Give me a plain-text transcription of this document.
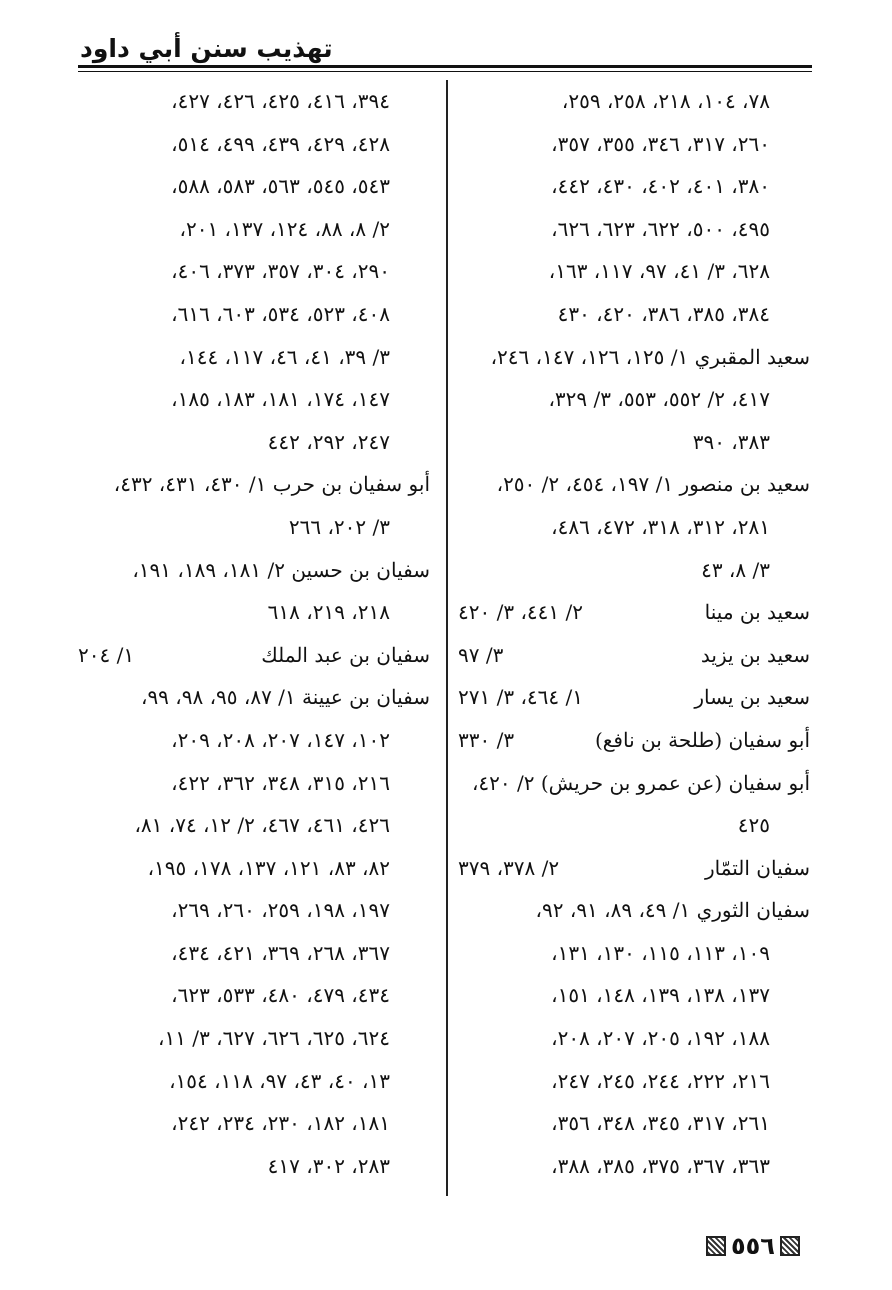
تهذيب سنن أبي داود
٧٨، ١٠٤، ٢١٨، ٢٥٨، ٢٥٩،
٢٦٠، ٣١٧، ٣٤٦، ٣٥٥، ٣٥٧،
٣٨٠، ٤٠١، ٤٠٢، ٤٣٠، ٤٤٢،
٤٩٥، ٥٠٠، ٦٢٢، ٦٢٣، ٦٢٦،
٦٢٨، ٣/ ٤١، ٩٧، ١١٧، ١٦٣،
٣٨٤، ٣٨٥، ٣٨٦، ٤٢٠، ٤٣٠
سعيد المقبري ١/ ١٢٥، ١٢٦، ١٤٧، ٢٤٦،
٤١٧، ٢/ ٥٥٢، ٥٥٣، ٣/ ٣٢٩،
٣٨٣، ٣٩٠
سعيد بن منصور ١/ ١٩٧، ٤٥٤، ٢/ ٢٥٠،
٢٨١، ٣١٢، ٣١٨، ٤٧٢، ٤٨٦،
٣/ ٨، ٤٣
سعيد بن مينا
٢/ ٤٤١، ٣/ ٤٢٠
سعيد بن يزيد
٣/ ٩٧
سعيد بن يسار
١/ ٤٦٤، ٣/ ٢٧١
أبو سفيان (طلحة بن نافع)
٣/ ٣٣٠
أبو سفيان (عن عمرو بن حريش) ٢/ ٤٢٠،
٤٢٥
سفيان التمّار
٢/ ٣٧٨، ٣٧٩
سفيان الثوري ١/ ٤٩، ٨٩، ٩١، ٩٢،
١٠٩، ١١٣، ١١٥، ١٣٠، ١٣١،
١٣٧، ١٣٨، ١٣٩، ١٤٨، ١٥١،
١٨٨، ١٩٢، ٢٠٥، ٢٠٧، ٢٠٨،
٢١٦، ٢٢٢، ٢٤٤، ٢٤٥، ٢٤٧،
٢٦١، ٣١٧، ٣٤٥، ٣٤٨، ٣٥٦،
٣٦٣، ٣٦٧، ٣٧٥، ٣٨٥، ٣٨٨،
٣٩٤، ٤١٦، ٤٢٥، ٤٢٦، ٤٢٧،
٤٢٨، ٤٢٩، ٤٣٩، ٤٩٩، ٥١٤،
٥٤٣، ٥٤٥، ٥٦٣، ٥٨٣، ٥٨٨،
٢/ ٨، ٨٨، ١٢٤، ١٣٧، ٢٠١،
٢٩٠، ٣٠٤، ٣٥٧، ٣٧٣، ٤٠٦،
٤٠٨، ٥٢٣، ٥٣٤، ٦٠٣، ٦١٦،
٣/ ٣٩، ٤١، ٤٦، ١١٧، ١٤٤،
١٤٧، ١٧٤، ١٨١، ١٨٣، ١٨٥،
٢٤٧، ٢٩٢، ٤٤٢
أبو سفيان بن حرب ١/ ٤٣٠، ٤٣١، ٤٣٢،
٣/ ٢٠٢، ٢٦٦
سفيان بن حسين ٢/ ١٨١، ١٨٩، ١٩١،
٢١٨، ٢١٩، ٦١٨
سفيان بن عبد الملك
١/ ٢٠٤
سفيان بن عيينة ١/ ٨٧، ٩٥، ٩٨، ٩٩،
١٠٢، ١٤٧، ٢٠٧، ٢٠٨، ٢٠٩،
٢١٦، ٣١٥، ٣٤٨، ٣٦٢، ٤٢٢،
٤٢٦، ٤٦١، ٤٦٧، ٢/ ١٢، ٧٤، ٨١،
٨٢، ٨٣، ١٢١، ١٣٧، ١٧٨، ١٩٥،
١٩٧، ١٩٨، ٢٥٩، ٢٦٠، ٢٦٩،
٣٦٧، ٢٦٨، ٣٦٩، ٤٢١، ٤٣٤،
٤٣٤، ٤٧٩، ٤٨٠، ٥٣٣، ٦٢٣،
٦٢٤، ٦٢٥، ٦٢٦، ٦٢٧، ٣/ ١١،
١٣، ٤٠، ٤٣، ٩٧، ١١٨، ١٥٤،
١٨١، ١٨٢، ٢٣٠، ٢٣٤، ٢٤٢،
٢٨٣، ٣٠٢، ٤١٧
٥٥٦
